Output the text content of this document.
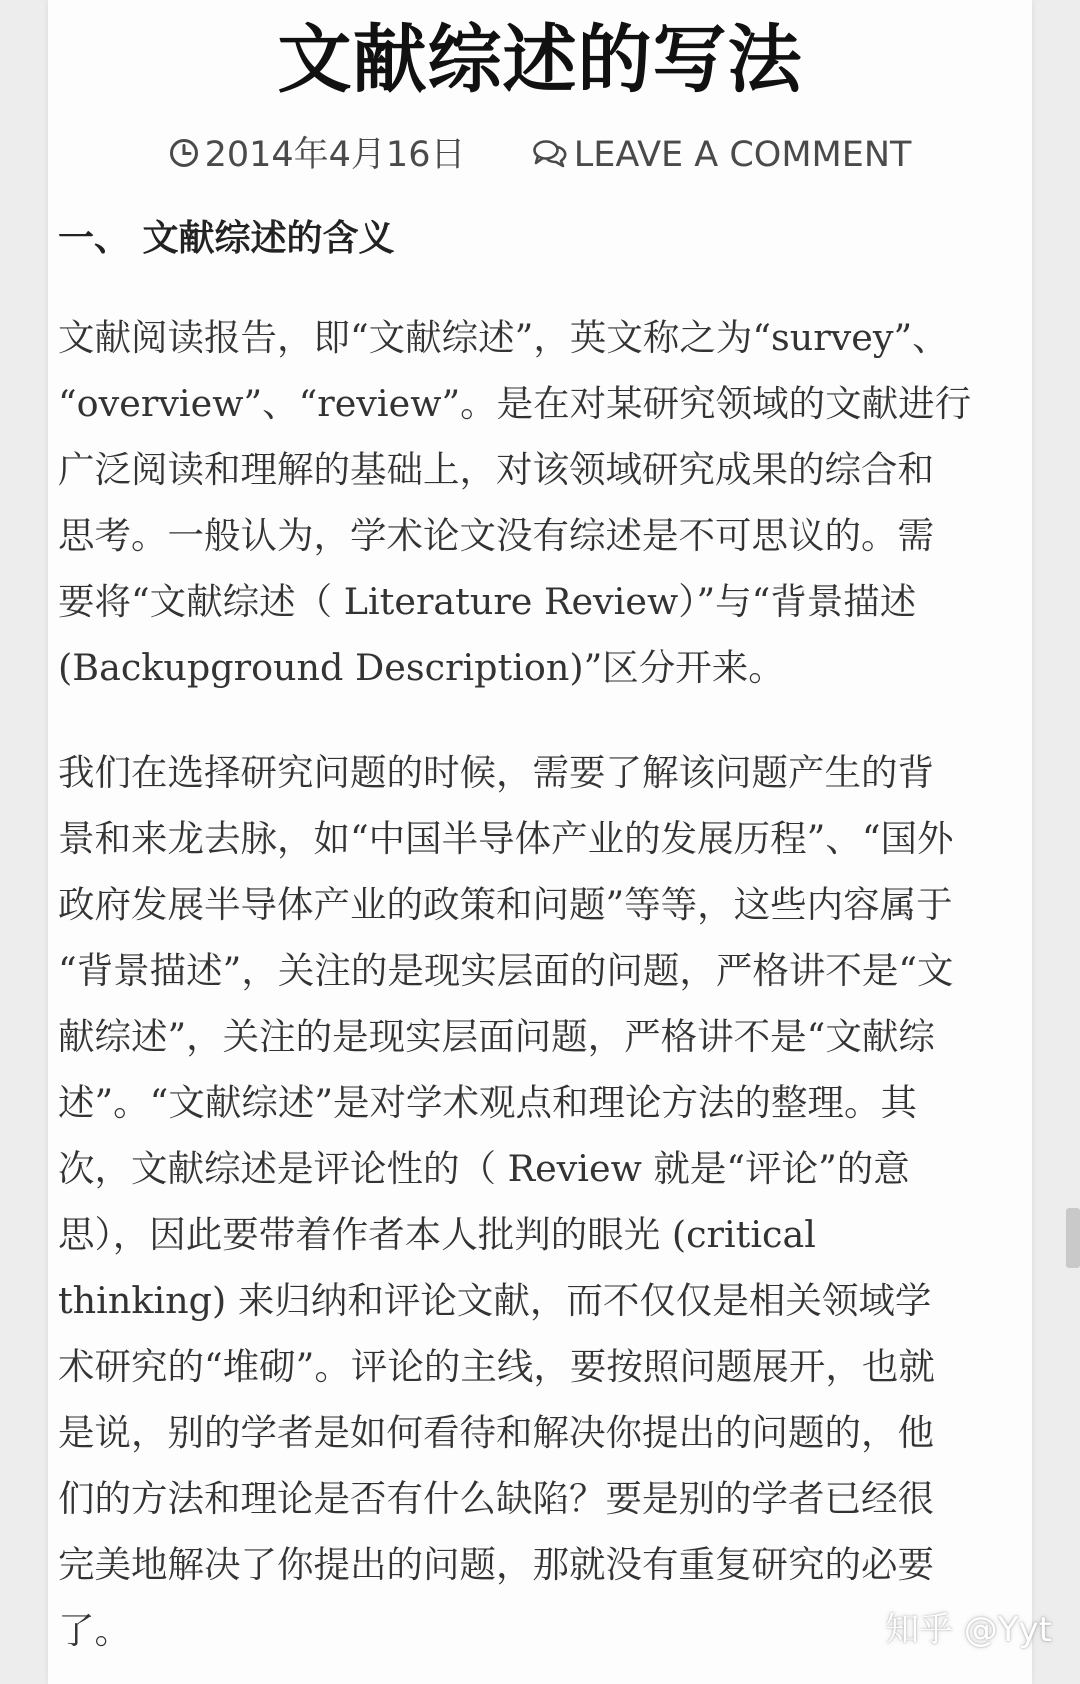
文献综述的写法
2014年4月16日	LEAVE A COMMENT
一、 文献综述的含义

文献阅读报告，即“文献综述”，英文称之为“survey”、
“overview”、“review”。是在对某研究领域的文献进行
广泛阅读和理解的基础上，对该领域研究成果的综合和
思考。一般认为，学术论文没有综述是不可思议的。需
要将“文献综述（ Literature Review）”与“背景描述
(Backupground Description)”区分开来。

我们在选择研究问题的时候，需要了解该问题产生的背
景和来龙去脉，如“中国半导体产业的发展历程”、“国外
政府发展半导体产业的政策和问题”等等，这些内容属于
“背景描述”，关注的是现实层面的问题，严格讲不是“文
献综述”，关注的是现实层面问题，严格讲不是“文献综
述”。“文献综述”是对学术观点和理论方法的整理。其
次，文献综述是评论性的（ Review 就是“评论”的意
思），因此要带着作者本人批判的眼光 (critical
thinking) 来归纳和评论文献，而不仅仅是相关领域学
术研究的“堆砌”。评论的主线，要按照问题展开，也就
是说，别的学者是如何看待和解决你提出的问题的，他
们的方法和理论是否有什么缺陷？要是别的学者已经很
完美地解决了你提出的问题，那就没有重复研究的必要
了。	知乎 @Yyt
